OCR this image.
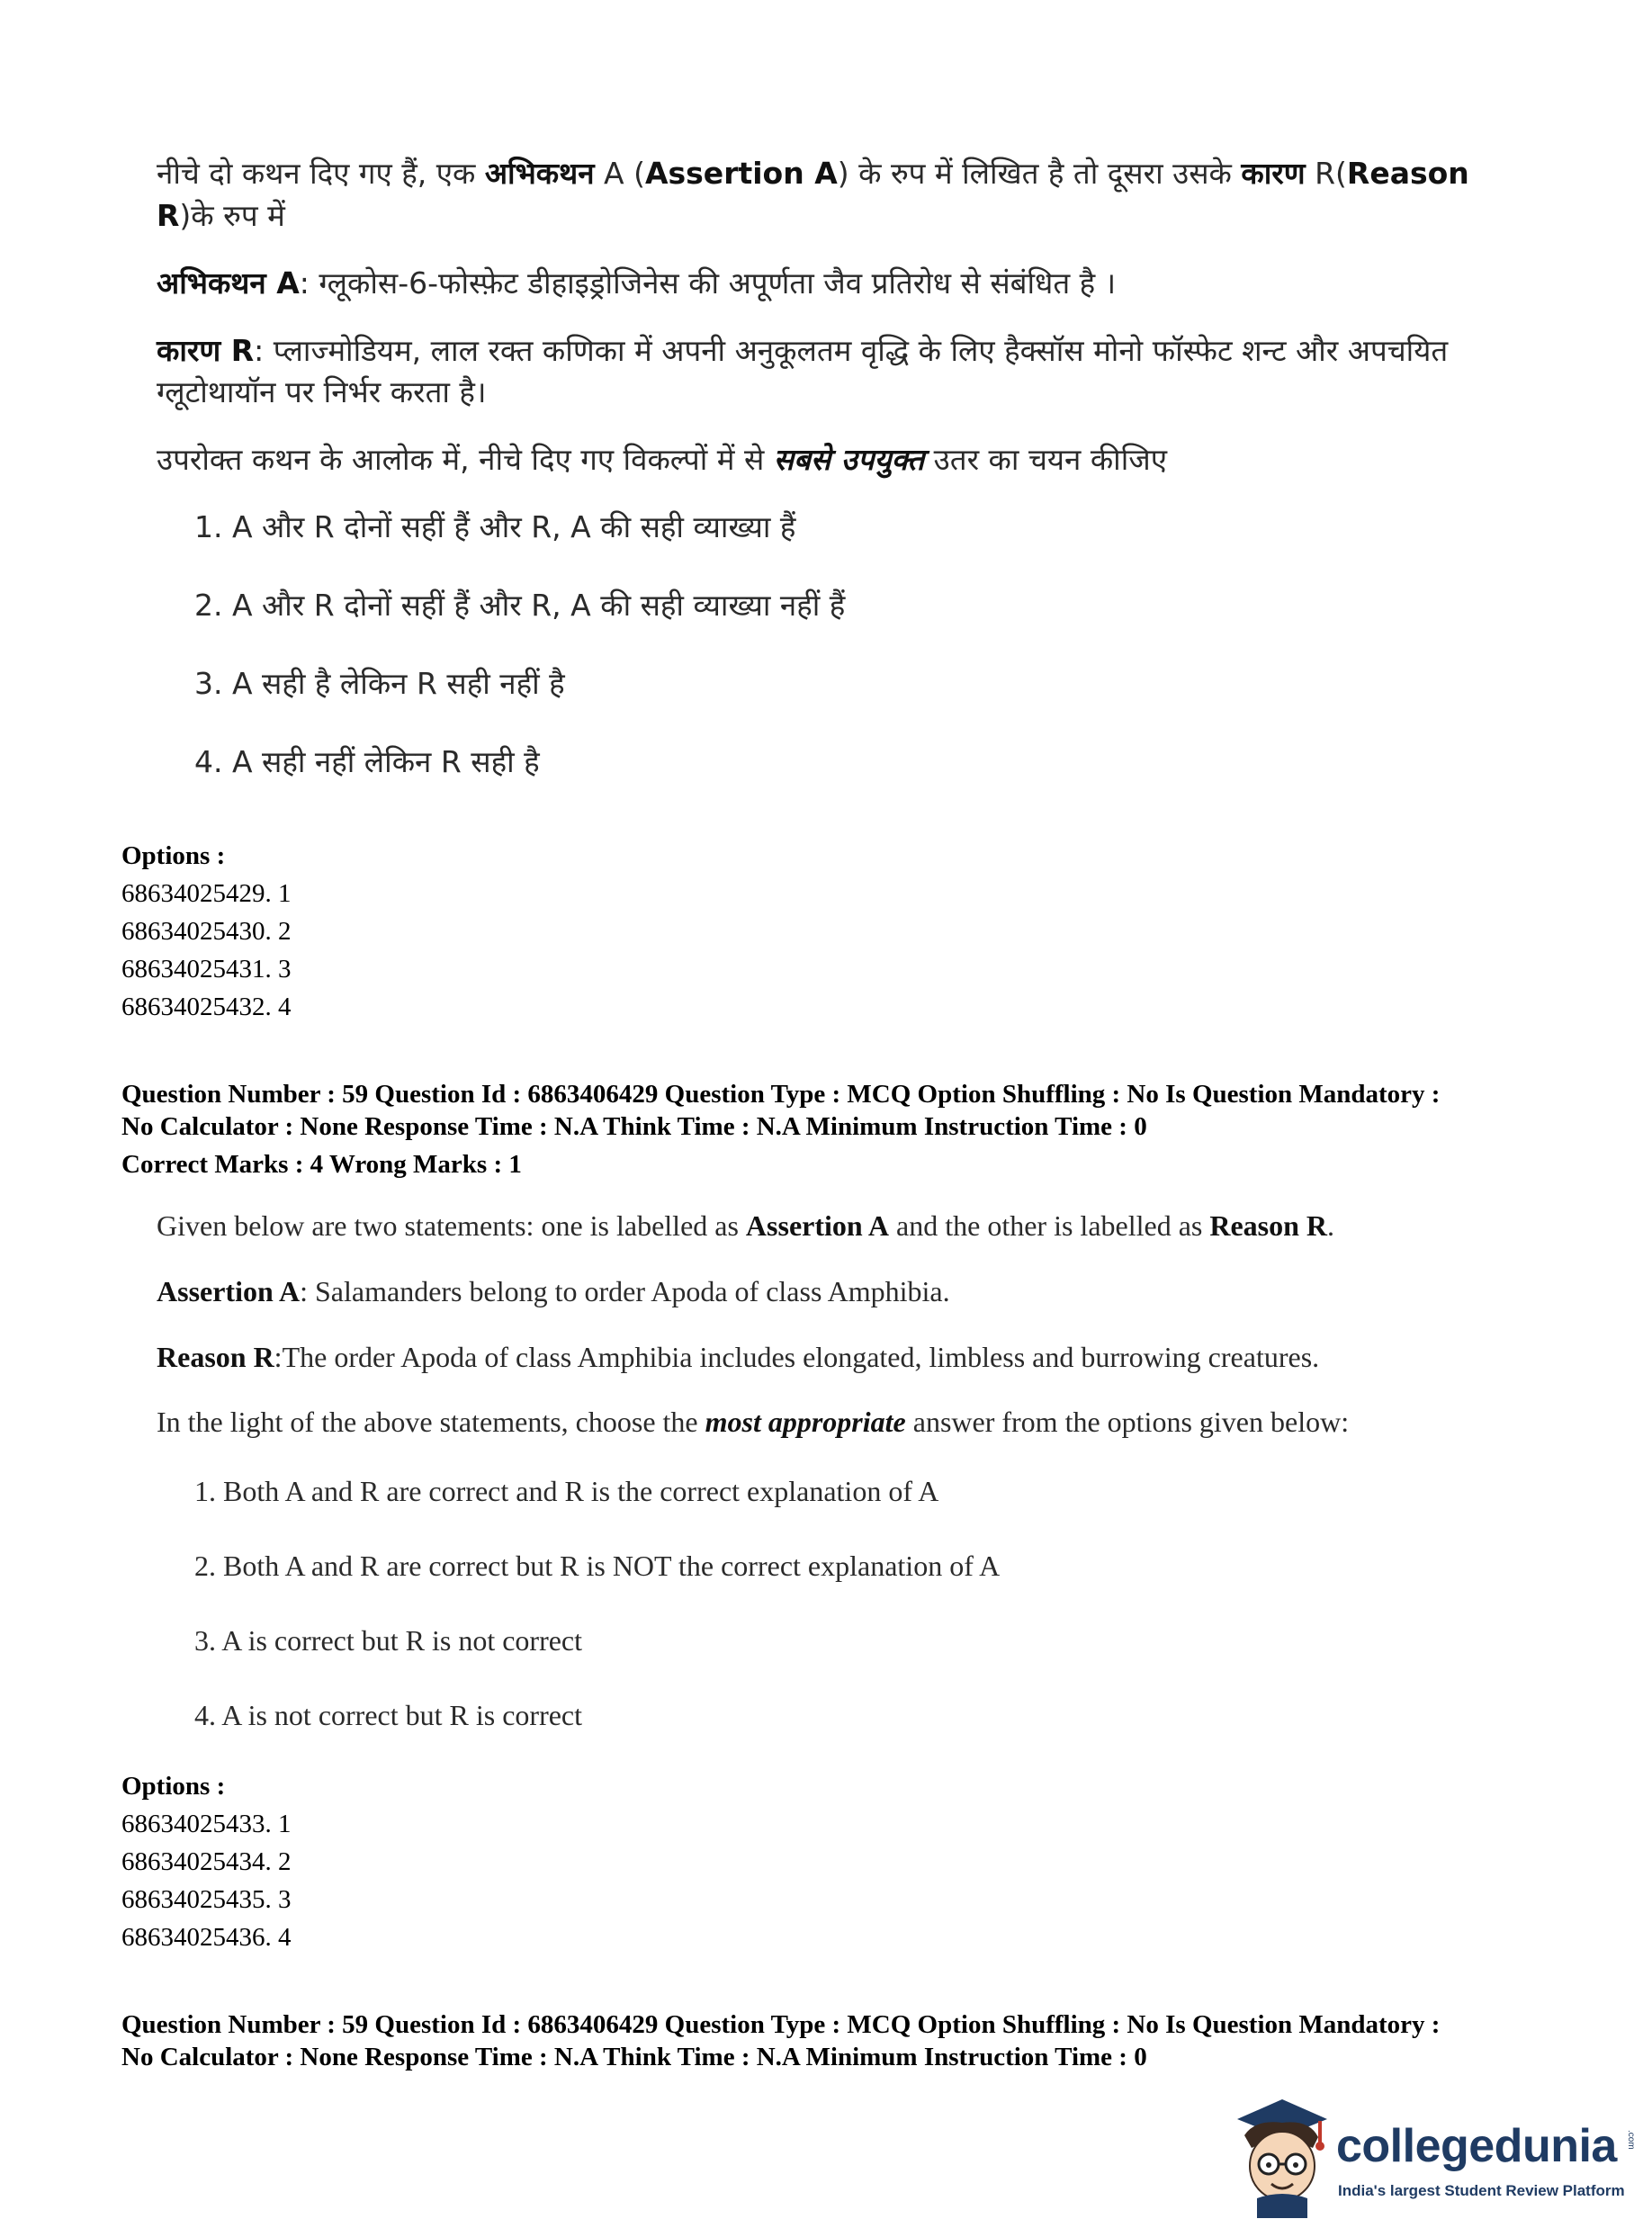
नीचे दो कथन दिए गए हैं, एक अभिकथन A (Assertion A) के रुप में लिखित है तो दूसरा उसके कारण R(Reason R)के रुप में

अभिकथन A: ग्लूकोस-6-फोस्फ़ेट डीहाइड्रोजिनेस की अपूर्णता जैव प्रतिरोध से संबंधित है ।

कारण R: प्लाज्मोडियम, लाल रक्त कणिका में अपनी अनुकूलतम वृद्धि के लिए हैक्सॉस मोनो फॉस्फेट शन्ट और अपचयित ग्लूटोथायॉन पर निर्भर करता है।

उपरोक्त कथन के आलोक में, नीचे दिए गए विकल्पों में से सबसे उपयुक्त उतर का चयन कीजिए

1. A और R दोनों सहीं हैं और R, A की सही व्याख्या हैं
2. A और R दोनों सहीं हैं और R, A की सही व्याख्या नहीं हैं
3. A सही है लेकिन R सही नहीं है
4. A सही नहीं लेकिन R सही है
Options :
68634025429. 1
68634025430. 2
68634025431. 3
68634025432. 4
Question Number : 59 Question Id : 6863406429 Question Type : MCQ Option Shuffling : No Is Question Mandatory :
No Calculator : None Response Time : N.A Think Time : N.A Minimum Instruction Time : 0
Correct Marks : 4 Wrong Marks : 1

Given below are two statements: one is labelled as Assertion A and the other is labelled as Reason R.

Assertion A: Salamanders belong to order Apoda of class Amphibia.

Reason R:The order Apoda of class Amphibia includes elongated, limbless and burrowing creatures.

In the light of the above statements, choose the most appropriate answer from the options given below:

1. Both A and R are correct and R is the correct explanation of A
2. Both A and R are correct but R is NOT the correct explanation of A
3. A is correct but R is not correct
4. A is not correct but R is correct
Options :
68634025433. 1
68634025434. 2
68634025435. 3
68634025436. 4
Question Number : 59 Question Id : 6863406429 Question Type : MCQ Option Shuffling : No Is Question Mandatory :
No Calculator : None Response Time : N.A Think Time : N.A Minimum Instruction Time : 0
collegedunia .com
India's largest Student Review Platform
